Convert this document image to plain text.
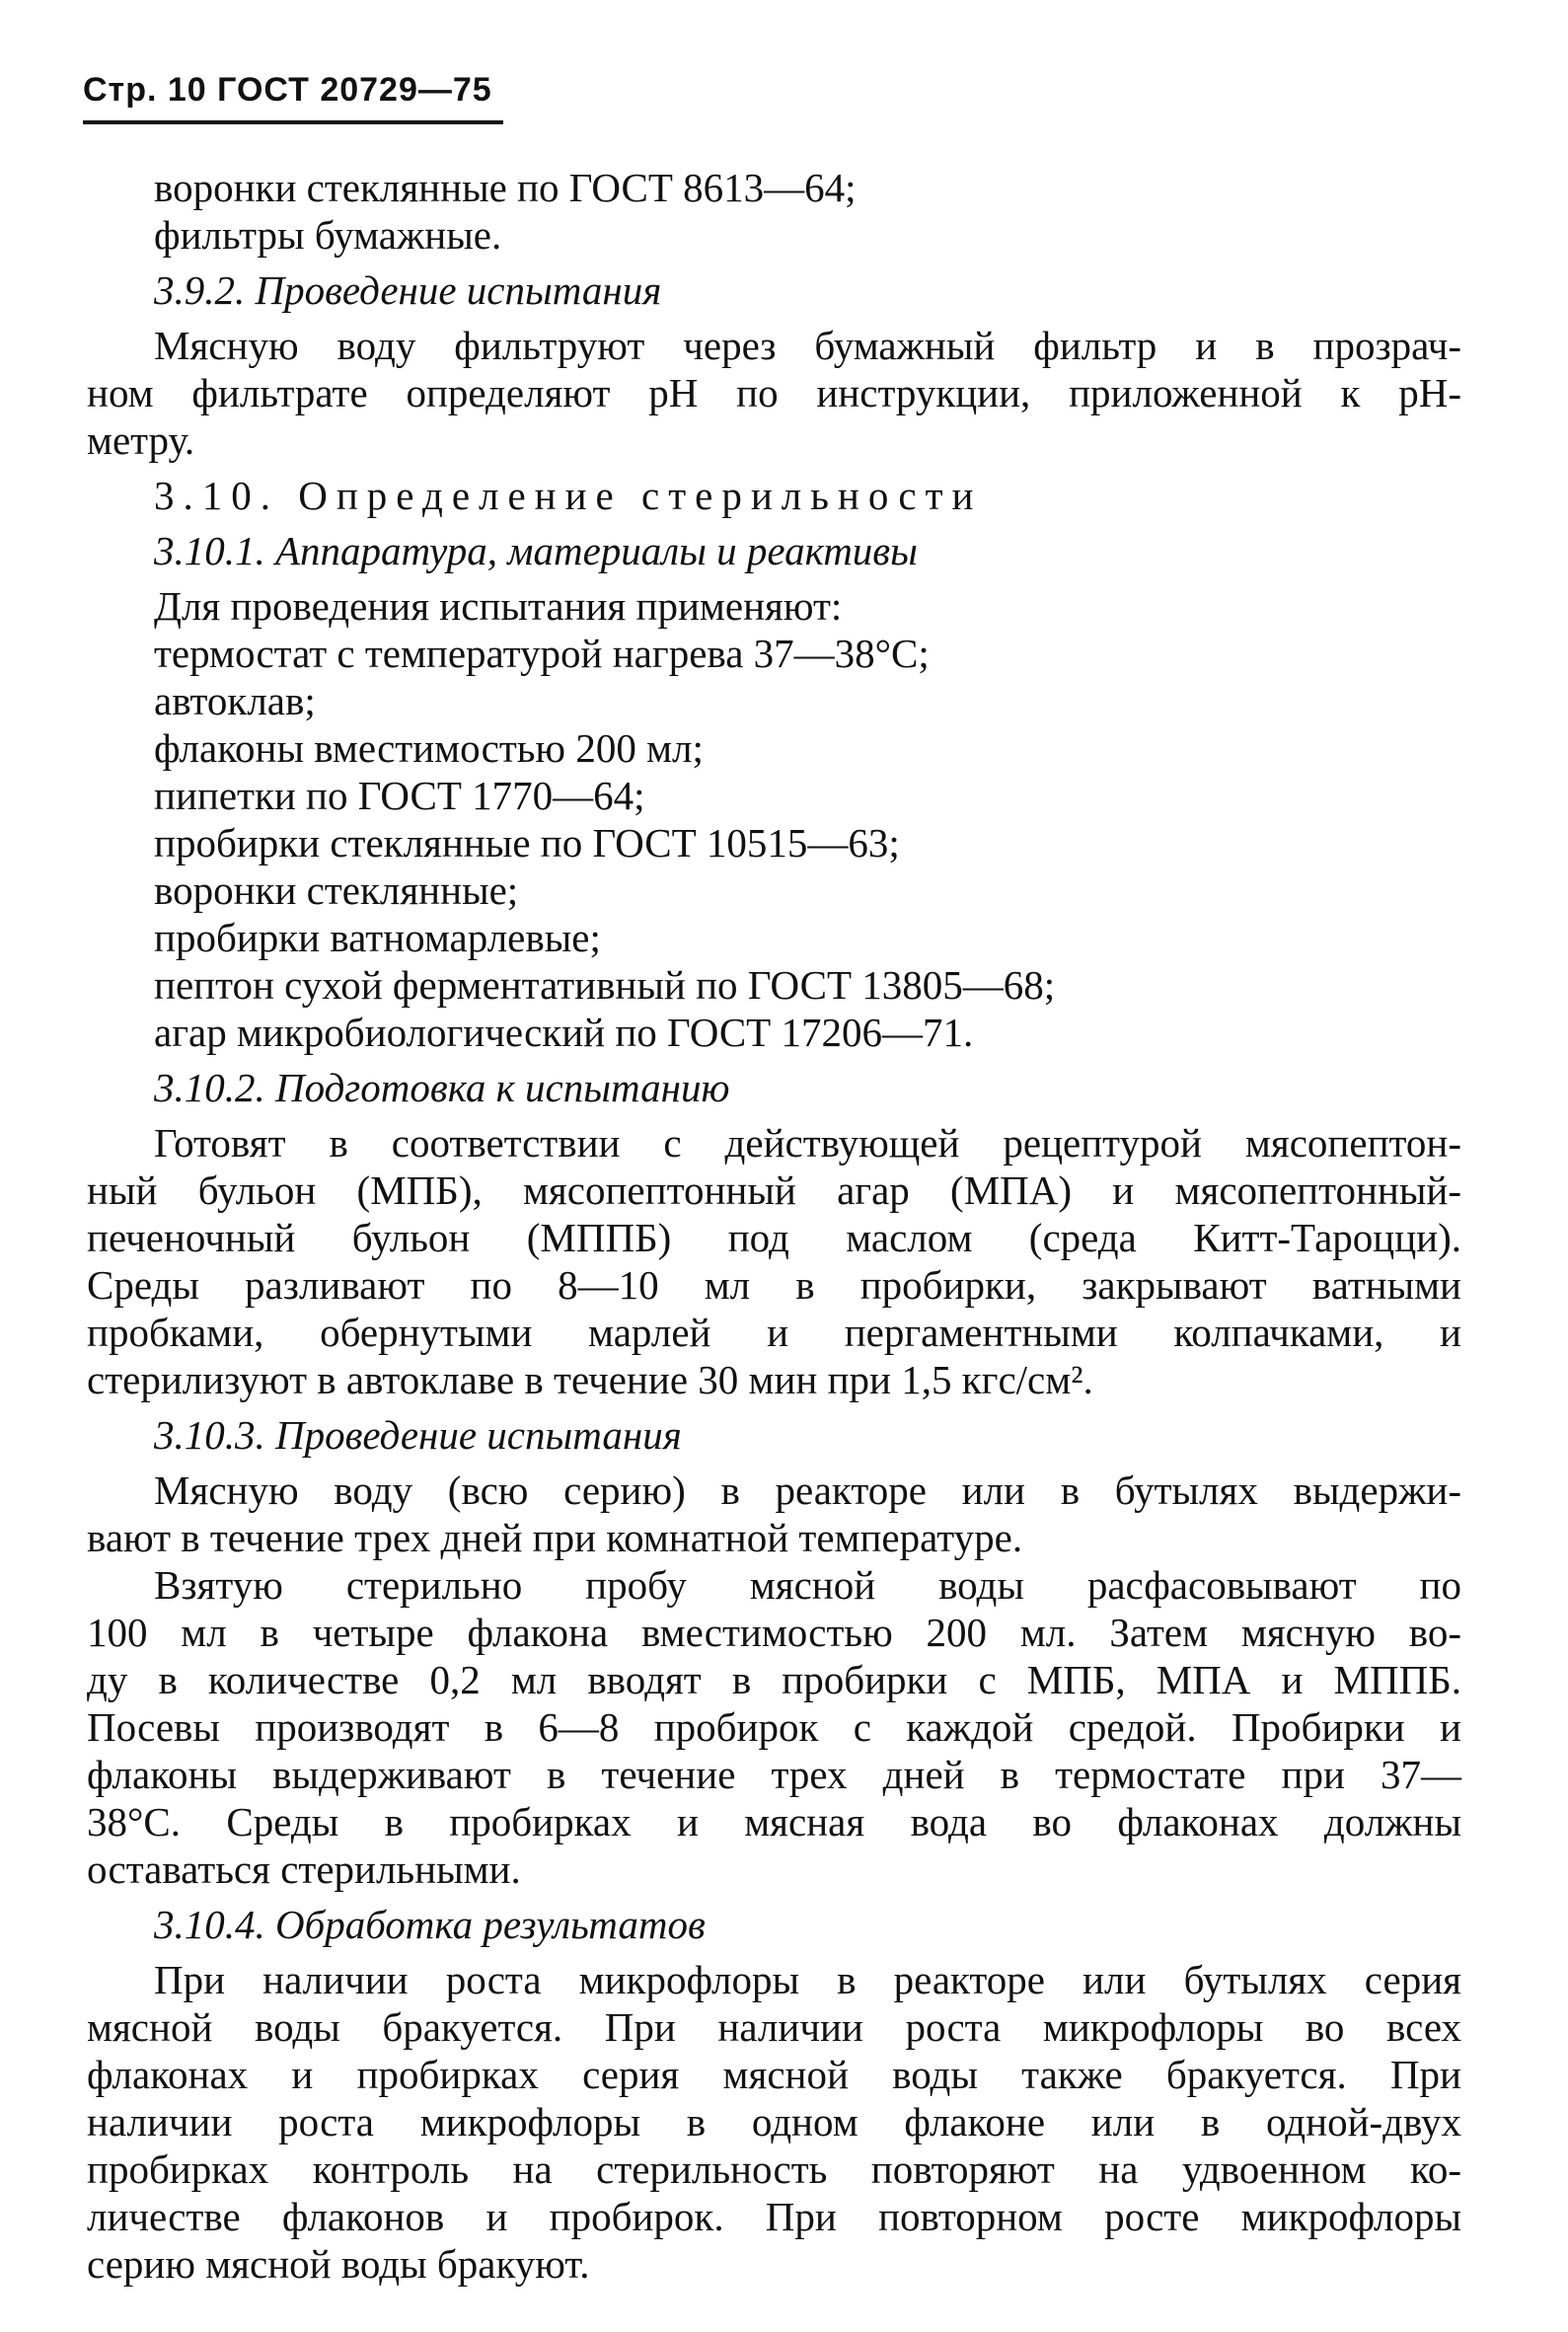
Стр. 10 ГОСТ 20729—75
воронки стеклянные по ГОСТ 8613—64;
фильтры бумажные.
3.9.2. Проведение испытания
Мясную воду фильтруют через бумажный фильтр и в прозрач-
ном фильтрате определяют pH по инструкции, приложенной к pH-
метру.
3.10. Определение стерильности
3.10.1. Аппаратура, материалы и реактивы
Для проведения испытания применяют:
термостат с температурой нагрева 37—38°С;
автоклав;
флаконы вместимостью 200 мл;
пипетки по ГОСТ 1770—64;
пробирки стеклянные по ГОСТ 10515—63;
воронки стеклянные;
пробирки ватномарлевые;
пептон сухой ферментативный по ГОСТ 13805—68;
агар микробиологический по ГОСТ 17206—71.
3.10.2. Подготовка к испытанию
Готовят в соответствии с действующей рецептурой мясопептон-
ный бульон (МПБ), мясопептонный агар (МПА) и мясопептонный-
печеночный бульон (МППБ) под маслом (среда Китт-Тароцци).
Среды разливают по 8—10 мл в пробирки, закрывают ватными
пробками, обернутыми марлей и пергаментными колпачками, и
стерилизуют в автоклаве в течение 30 мин при 1,5 кгс/см².
3.10.3. Проведение испытания
Мясную воду (всю серию) в реакторе или в бутылях выдержи-
вают в течение трех дней при комнатной температуре.
Взятую стерильно пробу мясной воды расфасовывают по
100 мл в четыре флакона вместимостью 200 мл. Затем мясную во-
ду в количестве 0,2 мл вводят в пробирки с МПБ, МПА и МППБ.
Посевы производят в 6—8 пробирок с каждой средой. Пробирки и
флаконы выдерживают в течение трех дней в термостате при 37—
38°С. Среды в пробирках и мясная вода во флаконах должны
оставаться стерильными.
3.10.4. Обработка результатов
При наличии роста микрофлоры в реакторе или бутылях серия
мясной воды бракуется. При наличии роста микрофлоры во всех
флаконах и пробирках серия мясной воды также бракуется. При
наличии роста микрофлоры в одном флаконе или в одной-двух
пробирках контроль на стерильность повторяют на удвоенном ко-
личестве флаконов и пробирок. При повторном росте микрофлоры
серию мясной воды бракуют.
